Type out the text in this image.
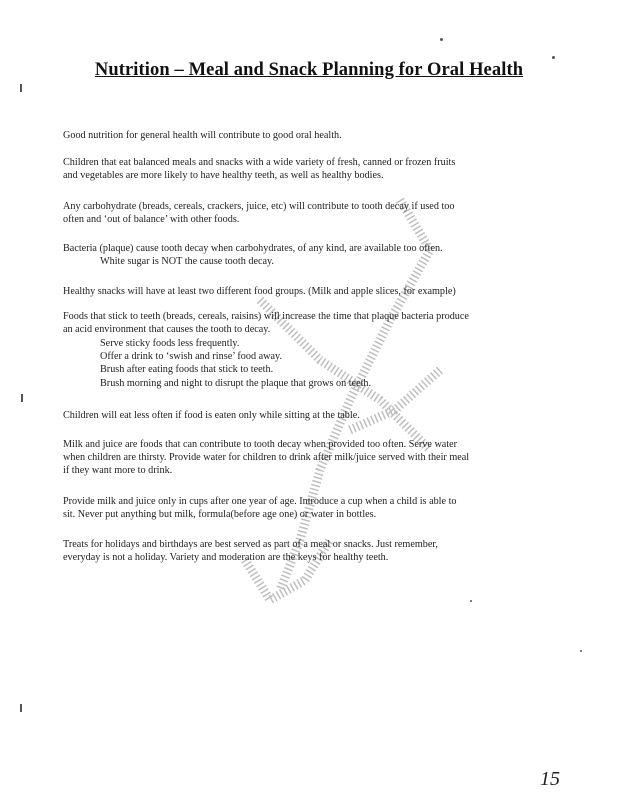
Nutrition – Meal and Snack Planning for Oral Health
Good nutrition for general health will contribute to good oral health.
Children that eat balanced meals and snacks with a wide variety of fresh, canned or frozen fruits
and vegetables are more likely to have healthy teeth, as well as healthy bodies.
Any carbohydrate (breads, cereals, crackers, juice, etc) will contribute to tooth decay if used too
often and ‘out of balance’ with other foods.
Bacteria (plaque) cause tooth decay when carbohydrates, of any kind, are available too often.
White sugar is NOT the cause tooth decay.
Healthy snacks will have at least two different food groups. (Milk and apple slices, for example)
Foods that stick to teeth (breads, cereals, raisins) will increase the time that plaque bacteria produce
an acid environment that causes the tooth to decay.
Serve sticky foods less frequently.
Offer a drink to ‘swish and rinse’ food away.
Brush after eating foods that stick to teeth.
Brush morning and night to disrupt the plaque that grows on teeth.
Children will eat less often if food is eaten only while sitting at the table.
Milk and juice are foods that can contribute to tooth decay when provided too often. Serve water
when children are thirsty. Provide water for children to drink after milk/juice served with their meal
if they want more to drink.
Provide milk and juice only in cups after one year of age. Introduce a cup when a child is able to
sit. Never put anything but milk, formula(before age one) or water in bottles.
Treats for holidays and birthdays are best served as part of a meal or snacks. Just remember,
everyday is not a holiday. Variety and moderation are the keys for healthy teeth.
15
